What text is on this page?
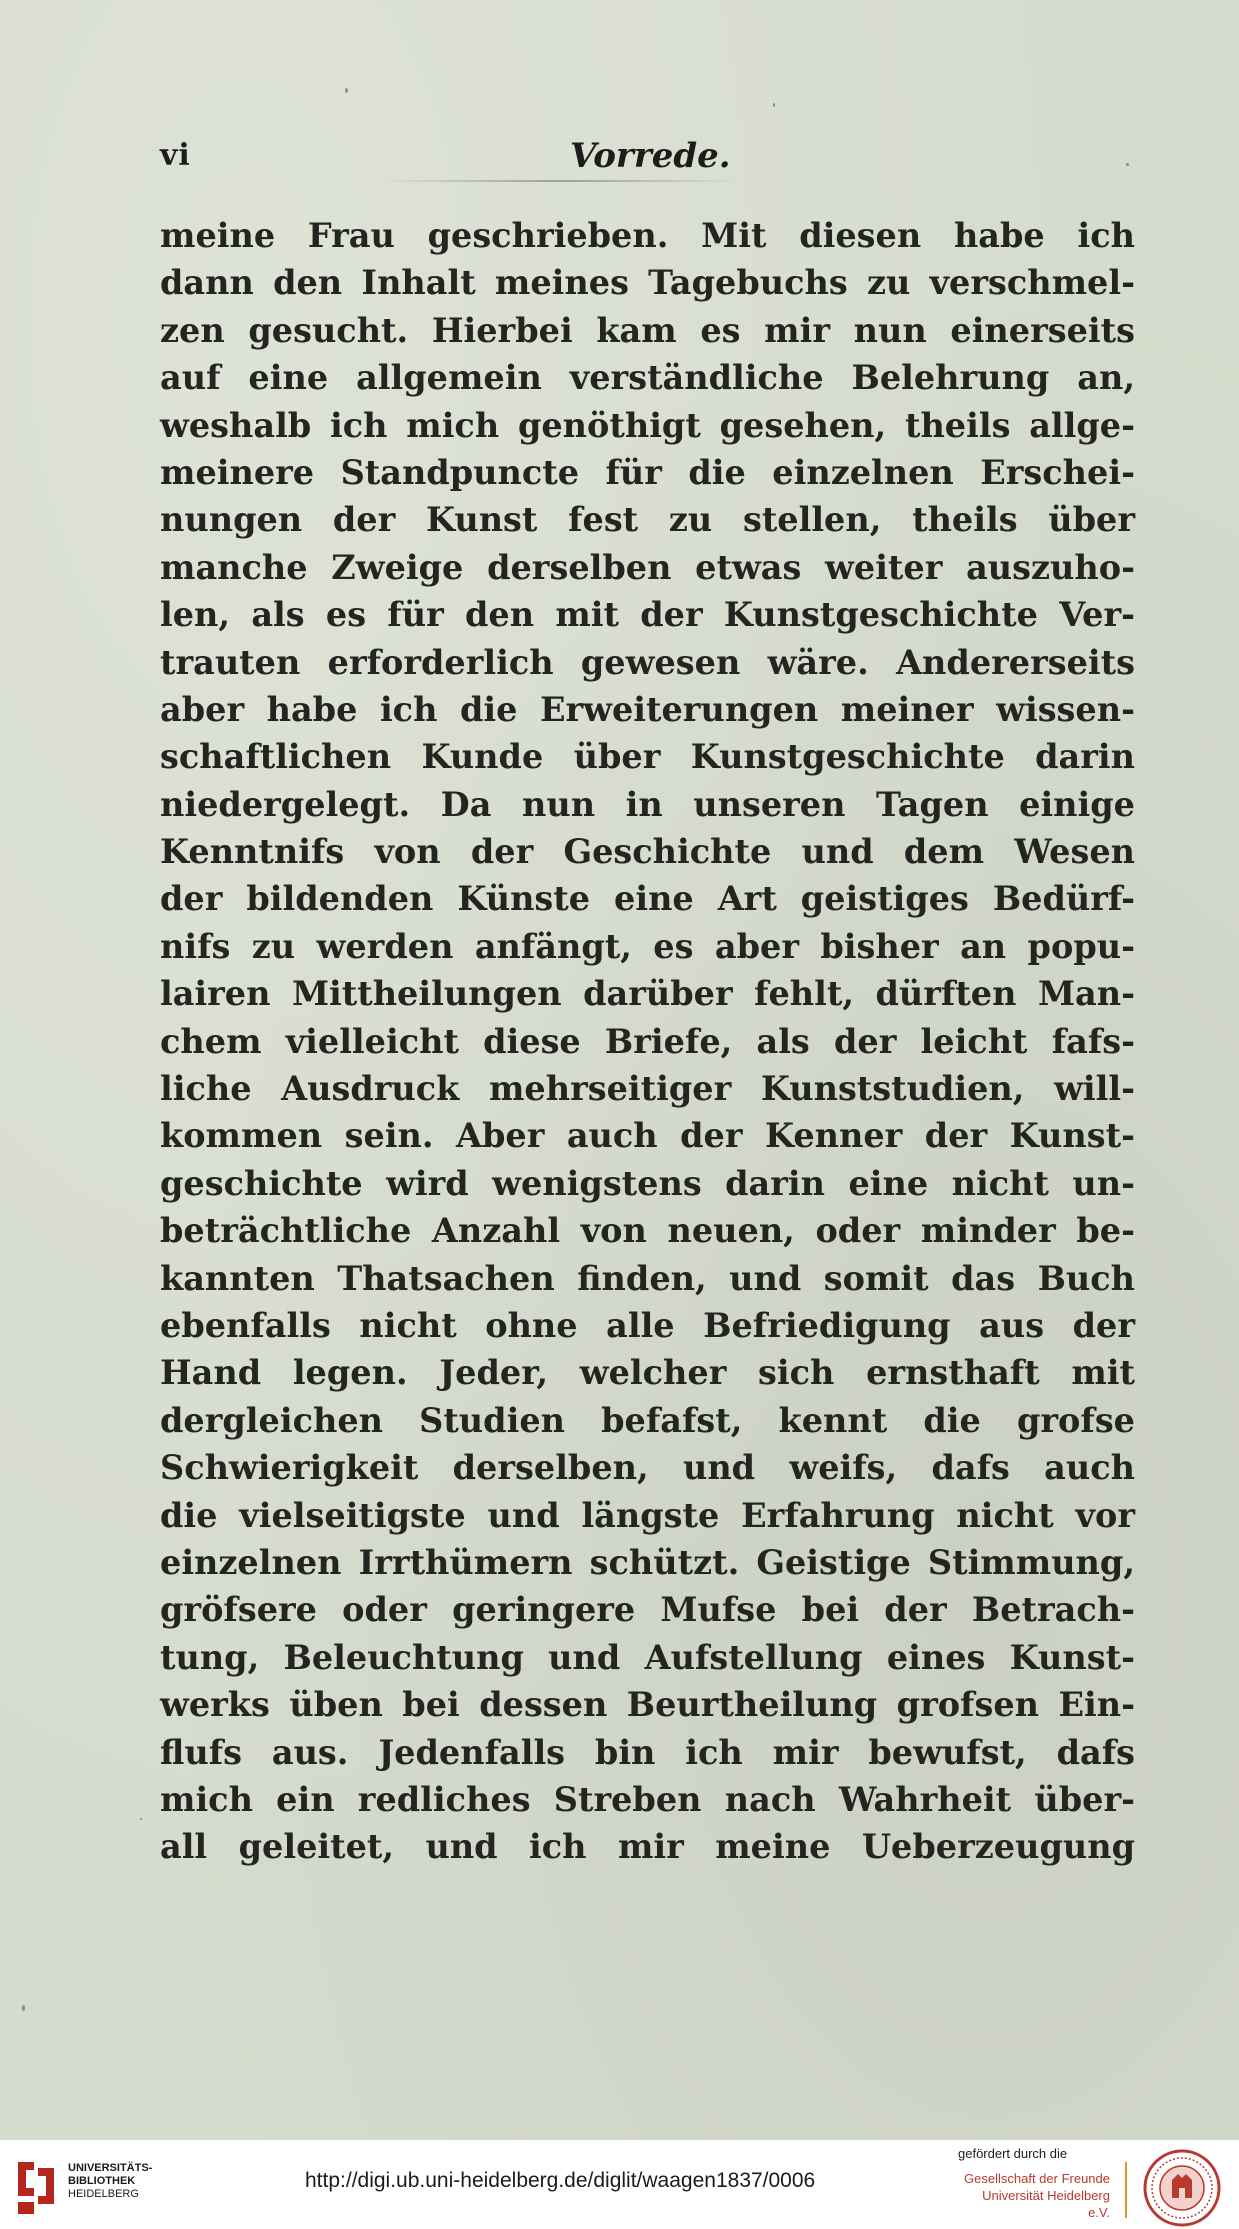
vi	Vorrede.
meine Frau geschrieben. Mit diesen habe ich
dann den Inhalt meines Tagebuchs zu verschmel-
zen gesucht. Hierbei kam es mir nun einerseits
auf eine allgemein verständliche Belehrung an,
weshalb ich mich genöthigt gesehen, theils allge-
meinere Standpuncte für die einzelnen Erschei-
nungen der Kunst fest zu stellen, theils über
manche Zweige derselben etwas weiter auszuho-
len, als es für den mit der Kunstgeschichte Ver-
trauten erforderlich gewesen wäre. Andererseits
aber habe ich die Erweiterungen meiner wissen-
schaftlichen Kunde über Kunstgeschichte darin
niedergelegt. Da nun in unseren Tagen einige
Kenntnifs von der Geschichte und dem Wesen
der bildenden Künste eine Art geistiges Bedürf-
nifs zu werden anfängt, es aber bisher an popu-
lairen Mittheilungen darüber fehlt, dürften Man-
chem vielleicht diese Briefe, als der leicht fafs-
liche Ausdruck mehrseitiger Kunststudien, will-
kommen sein. Aber auch der Kenner der Kunst-
geschichte wird wenigstens darin eine nicht un-
beträchtliche Anzahl von neuen, oder minder be-
kannten Thatsachen finden, und somit das Buch
ebenfalls nicht ohne alle Befriedigung aus der
Hand legen. Jeder, welcher sich ernsthaft mit
dergleichen Studien befafst, kennt die grofse
Schwierigkeit derselben, und weifs, dafs auch
die vielseitigste und längste Erfahrung nicht vor
einzelnen Irrthümern schützt. Geistige Stimmung,
gröfsere oder geringere Mufse bei der Betrach-
tung, Beleuchtung und Aufstellung eines Kunst-
werks üben bei dessen Beurtheilung grofsen Ein-
flufs aus. Jedenfalls bin ich mir bewufst, dafs
mich ein redliches Streben nach Wahrheit über-
all geleitet, und ich mir meine Ueberzeugung
UNIVERSITÄTS-
BIBLIOTHEK
HEIDELBERG
http://digi.ub.uni-heidelberg.de/diglit/waagen1837/0006
gefördert durch die
Gesellschaft der Freunde
Universität Heidelberg e.V.
